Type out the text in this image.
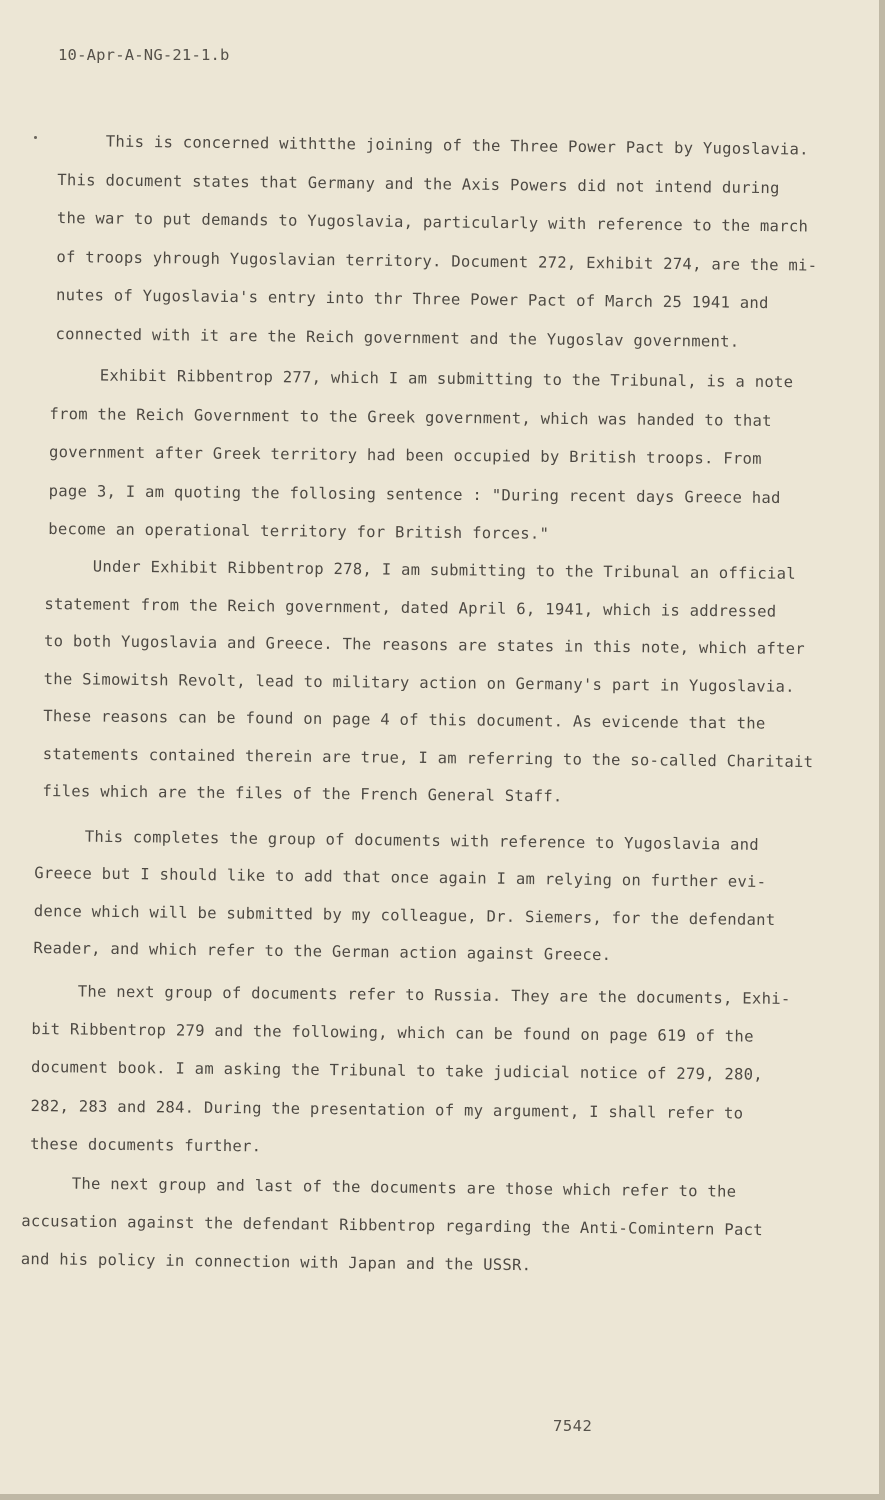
10-Apr-A-NG-21-1.b
This is concerned withtthe joining of the Three Power Pact by Yugoslavia.
This document states that Germany and the Axis Powers did not intend during
the war to put demands to Yugoslavia, particularly with reference to the march
of troops yhrough Yugoslavian territory. Document 272, Exhibit 274, are the mi-
nutes of Yugoslavia's entry into thr Three Power Pact of March 25 1941 and
connected with it are the Reich government and the Yugoslav government.
Exhibit Ribbentrop 277, which I am submitting to the Tribunal, is a note
from the Reich Government to the Greek government, which was handed to that
government after Greek territory had been occupied by British troops. From
page 3, I am quoting the follosing sentence : "During recent days Greece had
become an operational territory for British forces."
Under Exhibit Ribbentrop 278, I am submitting to the Tribunal an official
statement from the Reich government, dated April 6, 1941, which is addressed
to both Yugoslavia and Greece. The reasons are states in this note, which after
the Simowitsh Revolt, lead to military action on Germany's part in Yugoslavia.
These reasons can be found on page 4 of this document. As evicende that the
statements contained therein are true, I am referring to the so-called Charitait
files which are the files of the French General Staff.
This completes the group of documents with reference to Yugoslavia and
Greece but I should like to add that once again I am relying on further evi-
dence which will be submitted by my colleague, Dr. Siemers, for the defendant
Reader, and which refer to the German action against Greece.
The next group of documents refer to Russia. They are the documents, Exhi-
bit Ribbentrop 279 and the following, which can be found on page 619 of the
document book. I am asking the Tribunal to take judicial notice of 279, 280,
282, 283 and 284. During the presentation of my argument, I shall refer to
these documents further.
The next group and last of the documents are those which refer to the
accusation against the defendant Ribbentrop regarding the Anti-Comintern Pact
and his policy in connection with Japan and the USSR.
7542
